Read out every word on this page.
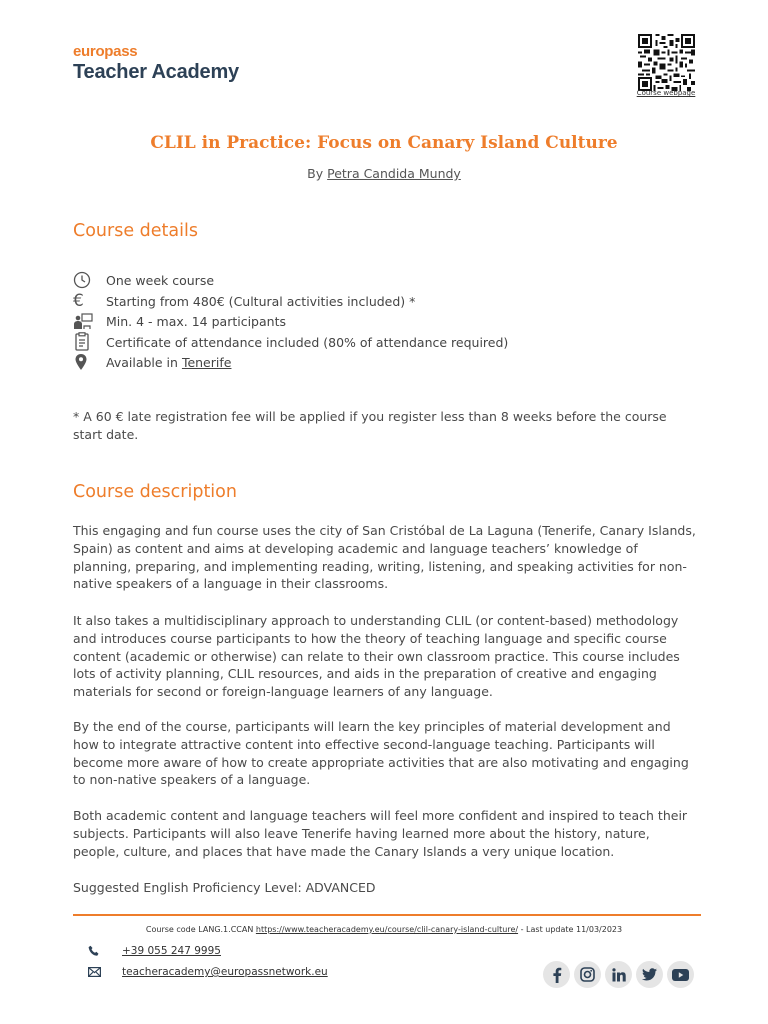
europass
Teacher Academy
Course webpage
CLIL in Practice: Focus on Canary Island Culture
By Petra Candida Mundy
Course details
One week course
€ Starting from 480€ (Cultural activities included) *
Min. 4 - max. 14 participants
Certificate of attendance included (80% of attendance required)
Available in Tenerife
* A 60 € late registration fee will be applied if you register less than 8 weeks before the course start date.
Course description
This engaging and fun course uses the city of San Cristóbal de La Laguna (Tenerife, Canary Islands, Spain) as content and aims at developing academic and language teachers’ knowledge of planning, preparing, and implementing reading, writing, listening, and speaking activities for non-native speakers of a language in their classrooms.
It also takes a multidisciplinary approach to understanding CLIL (or content-based) methodology and introduces course participants to how the theory of teaching language and specific course content (academic or otherwise) can relate to their own classroom practice. This course includes lots of activity planning, CLIL resources, and aids in the preparation of creative and engaging materials for second or foreign-language learners of any language.
By the end of the course, participants will learn the key principles of material development and how to integrate attractive content into effective second-language teaching. Participants will become more aware of how to create appropriate activities that are also motivating and engaging to non-native speakers of a language.
Both academic content and language teachers will feel more confident and inspired to teach their subjects. Participants will also leave Tenerife having learned more about the history, nature, people, culture, and places that have made the Canary Islands a very unique location.
Suggested English Proficiency Level: ADVANCED
Course code LANG.1.CCAN https://www.teacheracademy.eu/course/clil-canary-island-culture/ - Last update 11/03/2023
+39 055 247 9995
teacheracademy@europassnetwork.eu
